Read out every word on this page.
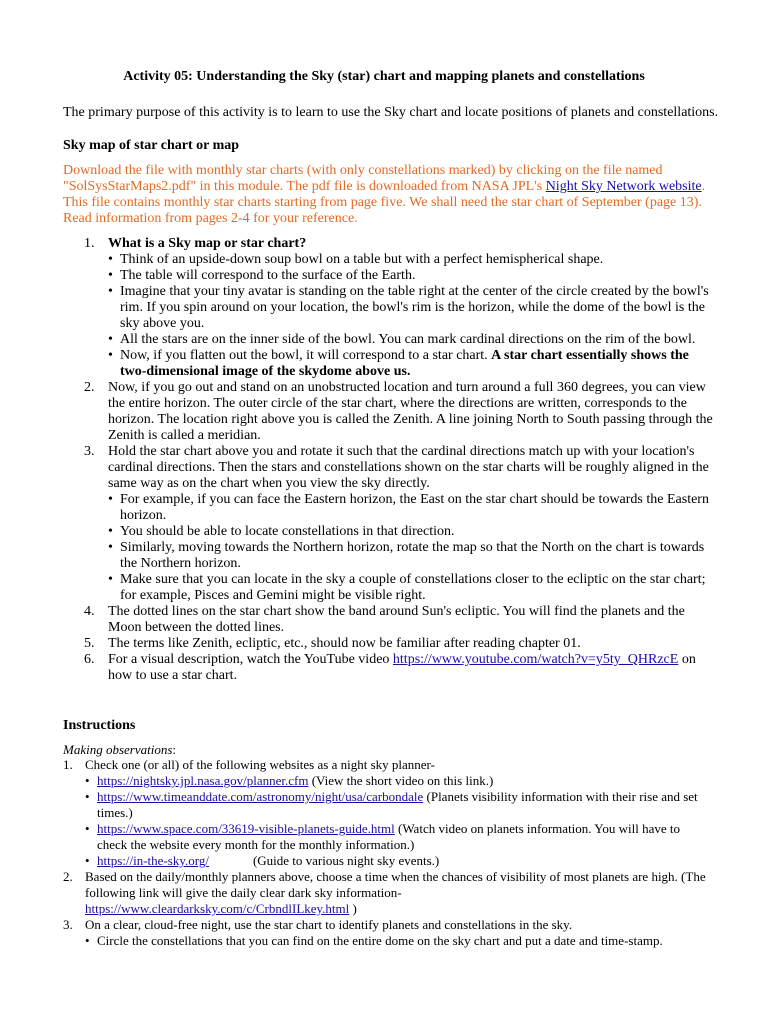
Activity 05: Understanding the Sky (star) chart and mapping planets and constellations
The primary purpose of this activity is to learn to use the Sky chart and locate positions of planets and constellations.
Sky map of star chart or map
Download the file with monthly star charts (with only constellations marked) by clicking on the file named "SolSysStarMaps2.pdf" in this module. The pdf file is downloaded from NASA JPL's Night Sky Network website. This file contains monthly star charts starting from page five. We shall need the star chart of September (page 13). Read information from pages 2-4 for your reference.
1. What is a Sky map or star chart?
• Think of an upside-down soup bowl on a table but with a perfect hemispherical shape.
• The table will correspond to the surface of the Earth.
• Imagine that your tiny avatar is standing on the table right at the center of the circle created by the bowl's rim. If you spin around on your location, the bowl's rim is the horizon, while the dome of the bowl is the sky above you.
• All the stars are on the inner side of the bowl. You can mark cardinal directions on the rim of the bowl.
• Now, if you flatten out the bowl, it will correspond to a star chart. A star chart essentially shows the two-dimensional image of the skydome above us.
2. Now, if you go out and stand on an unobstructed location and turn around a full 360 degrees, you can view the entire horizon. The outer circle of the star chart, where the directions are written, corresponds to the horizon. The location right above you is called the Zenith. A line joining North to South passing through the Zenith is called a meridian.
3. Hold the star chart above you and rotate it such that the cardinal directions match up with your location's cardinal directions. Then the stars and constellations shown on the star charts will be roughly aligned in the same way as on the chart when you view the sky directly.
• For example, if you can face the Eastern horizon, the East on the star chart should be towards the Eastern horizon.
• You should be able to locate constellations in that direction.
• Similarly, moving towards the Northern horizon, rotate the map so that the North on the chart is towards the Northern horizon.
• Make sure that you can locate in the sky a couple of constellations closer to the ecliptic on the star chart; for example, Pisces and Gemini might be visible right.
4. The dotted lines on the star chart show the band around Sun's ecliptic. You will find the planets and the Moon between the dotted lines.
5. The terms like Zenith, ecliptic, etc., should now be familiar after reading chapter 01.
6. For a visual description, watch the YouTube video https://www.youtube.com/watch?v=y5ty_QHRzcE on how to use a star chart.
Instructions
Making observations:
1. Check one (or all) of the following websites as a night sky planner-
• https://nightsky.jpl.nasa.gov/planner.cfm (View the short video on this link.)
• https://www.timeanddate.com/astronomy/night/usa/carbondale (Planets visibility information with their rise and set times.)
• https://www.space.com/33619-visible-planets-guide.html (Watch video on planets information. You will have to check the website every month for the monthly information.)
• https://in-the-sky.org/	(Guide to various night sky events.)
2. Based on the daily/monthly planners above, choose a time when the chances of visibility of most planets are high. (The following link will give the daily clear dark sky information-
https://www.cleardarksky.com/c/CrbndlILkey.html )
3. On a clear, cloud-free night, use the star chart to identify planets and constellations in the sky.
• Circle the constellations that you can find on the entire dome on the sky chart and put a date and time-stamp.
